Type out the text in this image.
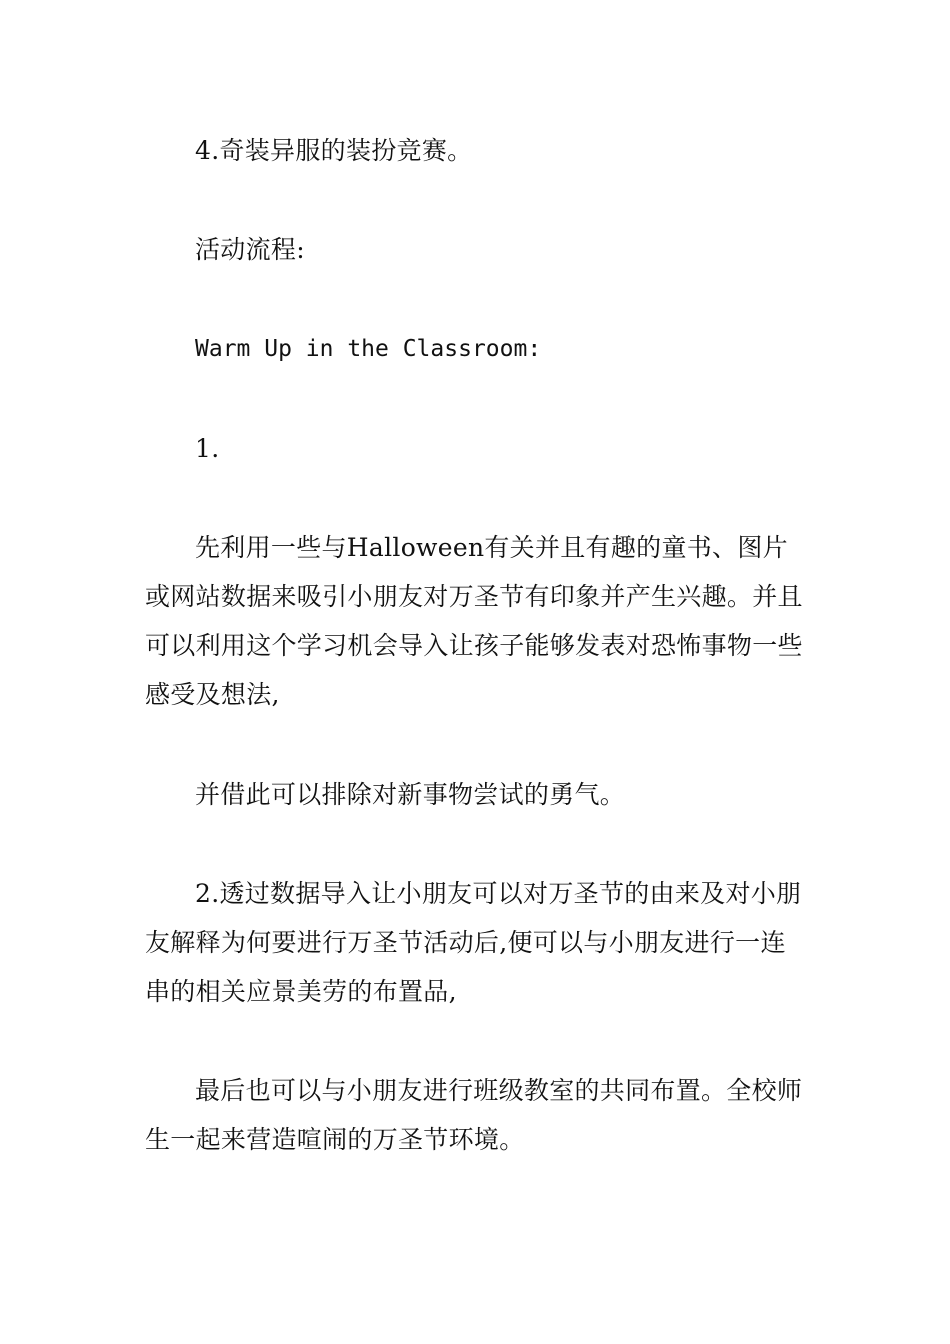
4.奇装异服的装扮竞赛。

活动流程:

Warm Up in the Classroom:

1.

先利用一些与Halloween有关并且有趣的童书、图片或网站数据来吸引小朋友对万圣节有印象并产生兴趣。并且可以利用这个学习机会导入让孩子能够发表对恐怖事物一些感受及想法,

并借此可以排除对新事物尝试的勇气。

2.透过数据导入让小朋友可以对万圣节的由来及对小朋友解释为何要进行万圣节活动后,便可以与小朋友进行一连串的相关应景美劳的布置品,

最后也可以与小朋友进行班级教室的共同布置。全校师生一起来营造喧闹的万圣节环境。
